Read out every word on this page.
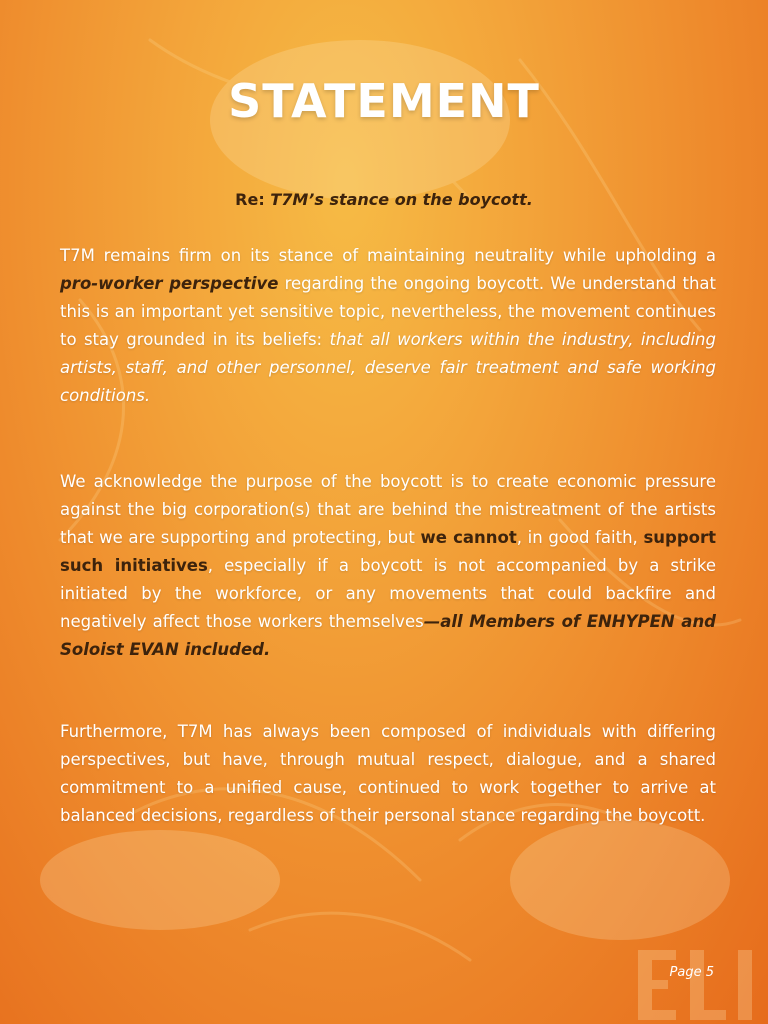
STATEMENT
Re: T7M’s stance on the boycott.

T7M remains firm on its stance of maintaining neutrality while upholding a pro-worker perspective regarding the ongoing boycott. We understand that this is an important yet sensitive topic, nevertheless, the movement continues to stay grounded in its beliefs: that all workers within the industry, including artists, staff, and other personnel, deserve fair treatment and safe working conditions.

We acknowledge the purpose of the boycott is to create economic pressure against the big corporation(s) that are behind the mistreatment of the artists that we are supporting and protecting, but we cannot, in good faith, support such initiatives, especially if a boycott is not accompanied by a strike initiated by the workforce, or any movements that could backfire and negatively affect those workers themselves—all Members of ENHYPEN and Soloist EVAN included.

Furthermore, T7M has always been composed of individuals with differing perspectives, but have, through mutual respect, dialogue, and a shared commitment to a unified cause, continued to work together to arrive at balanced decisions, regardless of their personal stance regarding the boycott.

Page 5
